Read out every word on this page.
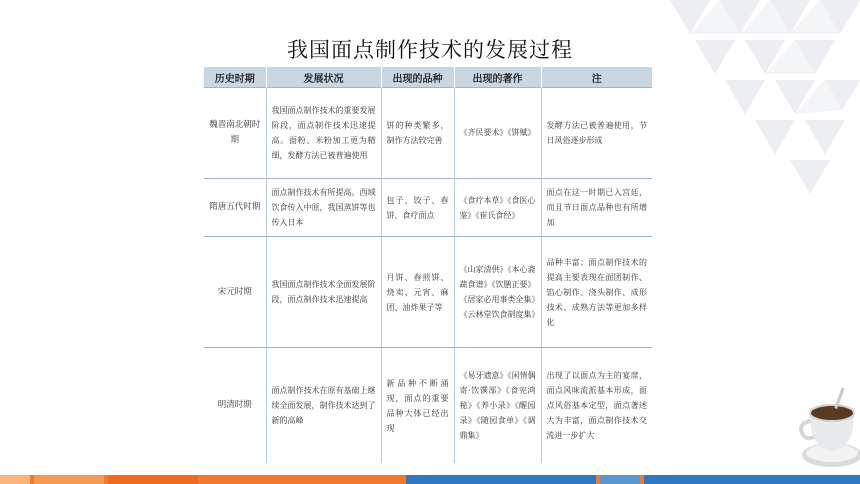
我国面点制作技术的发展过程
历史时期	发展状况	出现的品种	出现的著作	注
魏晋南北朝时期	我国面点制作技术的重要发展阶段，面点制作技术迅速提高。面粉、米粉加工更为精细，发酵方法已被普遍使用	饼的种类繁多，制作方法较完善	《齐民要术》《饼赋》	发酵方法已被普遍使用，节日风俗逐步形成
隋唐五代时期	面点制作技术有所提高。西域饮食传入中原，我国蒸饼等也传入日本	包子、饺子、春饼、食疗面点	《食疗本草》《食医心鉴》《崔氏食经》	面点在这一时期已入宫廷，而且节日面点品种也有所增加
宋元时期	我国面点制作技术全面发展阶段，面点制作技术迅速提高	月饼、春煎饼、烧卖、元宵、麻团、油炸果子等	《山家清供》《本心斋蔬食谱》《饮膳正要》《居家必用事类全集》《云林堂饮食制度集》	品种丰富；面点制作技术的提高主要表现在面团制作、馅心制作、浇头制作、成形技术、成熟方法等更加多样化
明清时期	面点制作技术在原有基础上继续全面发展，制作技术达到了新的高峰	新品种不断涌现，面点的重要品种大体已经出现	《易牙遗意》《闲情偶寄·饮馔部》《食宪鸿秘》《养小录》《醒园录》《随园食单》《调鼎集》	出现了以面点为主的宴席，面点风味流派基本形成，面点风俗基本定型，面点著述大为丰富，面点制作技术交流进一步扩大
